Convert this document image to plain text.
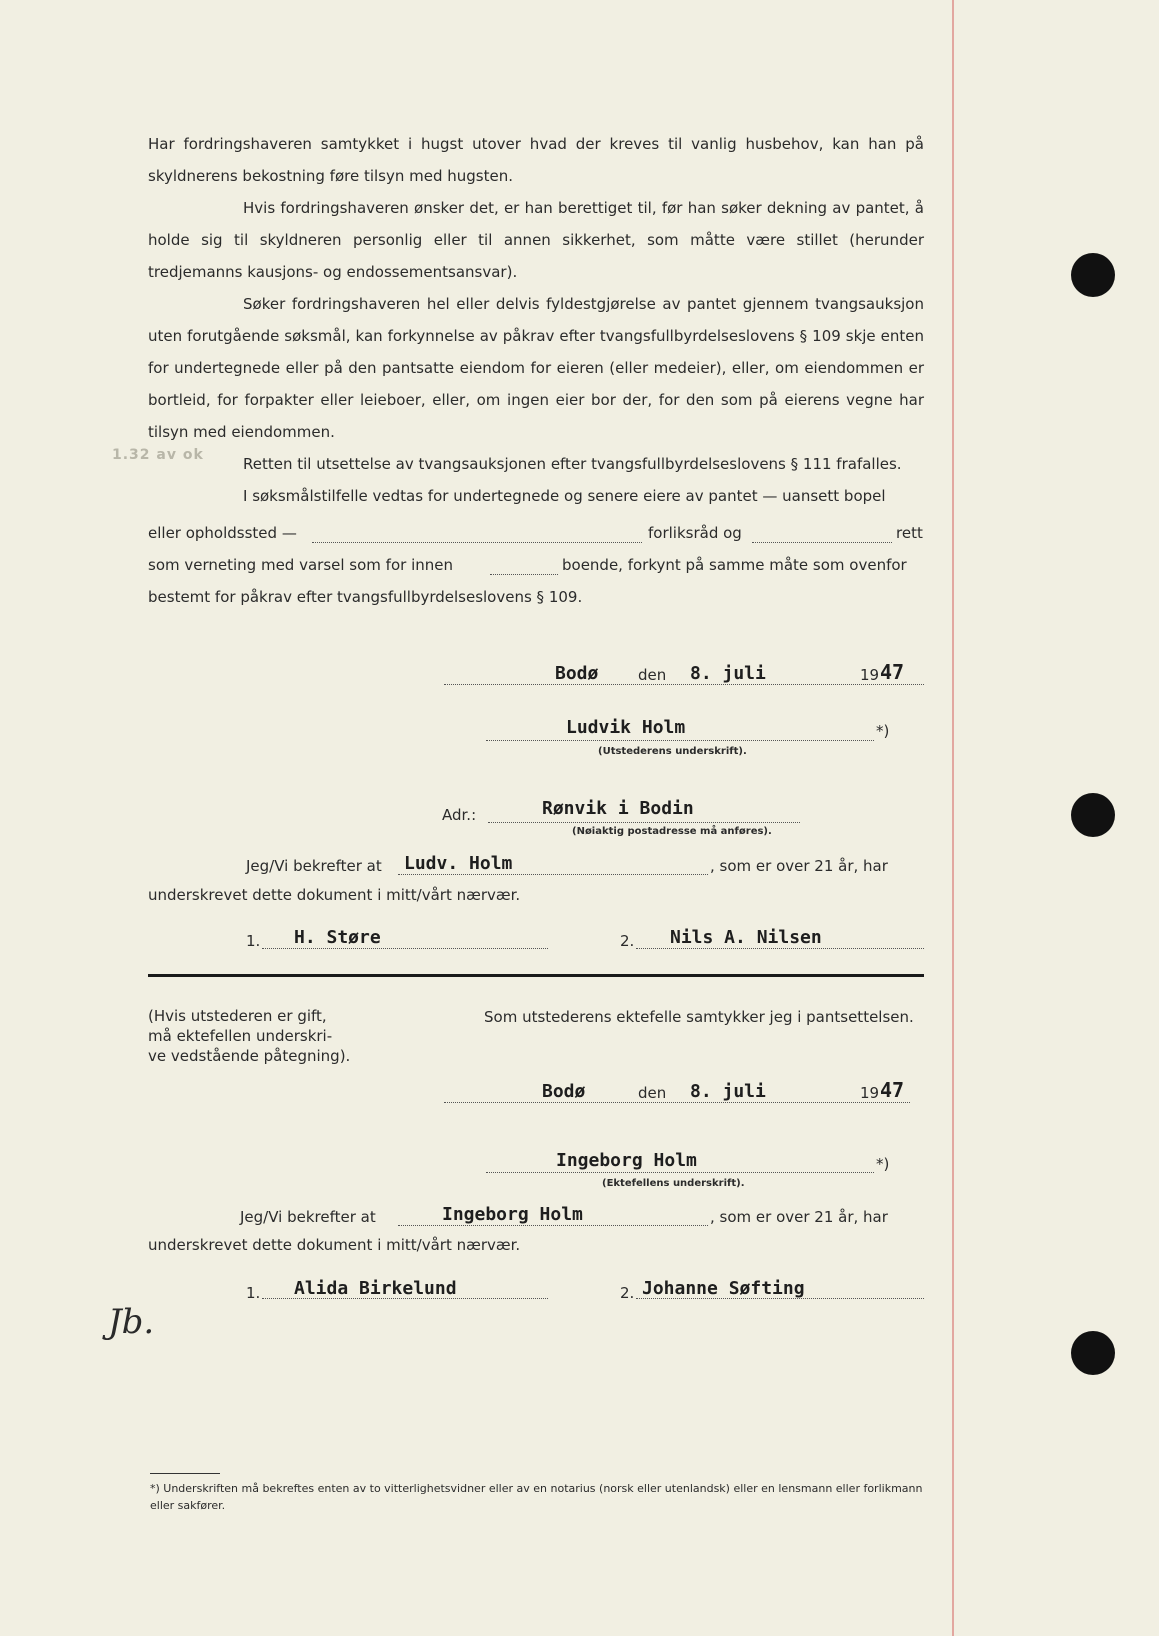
1.32 av ok

Har fordringshaveren samtykket i hugst utover hvad der kreves til vanlig husbehov, kan han på skyldnerens bekostning føre tilsyn med hugsten.

Hvis fordringshaveren ønsker det, er han berettiget til, før han søker dekning av pantet, å holde sig til skyldneren personlig eller til annen sikkerhet, som måtte være stillet (herunder tredjemanns kausjons- og endossementsansvar).

Søker fordringshaveren hel eller delvis fyldestgjørelse av pantet gjennem tvangsauksjon uten forutgående søksmål, kan forkynnelse av påkrav efter tvangsfullbyrdelseslovens § 109 skje enten for undertegnede eller på den pantsatte eiendom for eieren (eller medeier), eller, om eiendommen er bortleid, for forpakter eller leieboer, eller, om ingen eier bor der, for den som på eierens vegne har tilsyn med eiendommen.

Retten til utsettelse av tvangsauksjonen efter tvangsfullbyrdelseslovens § 111 frafalles.

I søksmålstilfelle vedtas for undertegnede og senere eiere av pantet — uansett bopel

eller opholdssted —	forliksråd og	rett
som verneting med varsel som for innen	boende, forkynt på samme måte som ovenfor
bestemt for påkrav efter tvangsfullbyrdelseslovens § 109.
Bodø	den 8. juli	19 47
Ludvik Holm	*)
(Utstederens underskrift).
Adr.:	Rønvik i Bodin
(Nøiaktig postadresse må anføres).
Jeg/Vi bekrefter at Ludv. Holm	, som er over 21 år, har
underskrevet dette dokument i mitt/vårt nærvær.
1. H. Støre	2. Nils A. Nilsen
(Hvis utstederen er gift,
må ektefellen underskri-
ve vedstående påtegning).
Som utstederens ektefelle samtykker jeg i pantsettelsen.
Bodø	den 8. juli	19 47
Ingeborg Holm	*)
(Ektefellens underskrift).
Jeg/Vi bekrefter at	Ingeborg Holm	, som er over 21 år, har
underskrevet dette dokument i mitt/vårt nærvær.
1. Alida Birkelund	2. Johanne Søfting
Jb.
*) Underskriften må bekreftes enten av to vitterlighetsvidner eller av en notarius (norsk eller utenlandsk) eller en lensmann eller forlikmann eller sakfører.
